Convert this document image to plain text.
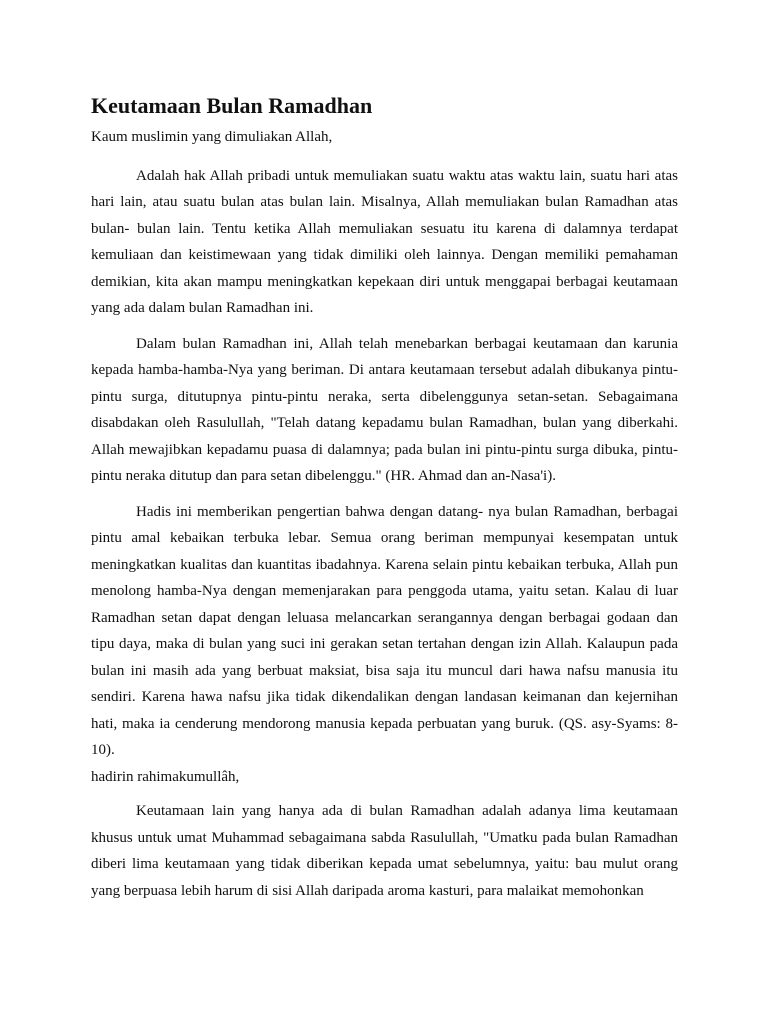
Keutamaan Bulan Ramadhan

Kaum muslimin yang dimuliakan Allah,

Adalah hak Allah pribadi untuk memuliakan suatu waktu atas waktu lain, suatu hari atas hari lain, atau suatu bulan atas bulan lain. Misalnya, Allah memuliakan bulan Ramadhan atas bulan- bulan lain. Tentu ketika Allah memuliakan sesuatu itu karena di dalamnya terdapat kemuliaan dan keistimewaan yang tidak dimiliki oleh lainnya. Dengan memiliki pemahaman demikian, kita akan mampu meningkatkan kepekaan diri untuk menggapai berbagai keutamaan yang ada dalam bulan Ramadhan ini.

Dalam bulan Ramadhan ini, Allah telah menebarkan berbagai keutamaan dan karunia kepada hamba-hamba-Nya yang beriman. Di antara keutamaan tersebut adalah dibukanya pintu-pintu surga, ditutupnya pintu-pintu neraka, serta dibelenggunya setan-setan. Sebagaimana disabdakan oleh Rasulullah, "Telah datang kepadamu bulan Ramadhan, bulan yang diberkahi. Allah mewajibkan kepadamu puasa di dalamnya; pada bulan ini pintu-pintu surga dibuka, pintu-pintu neraka ditutup dan para setan dibelenggu." (HR. Ahmad dan an-Nasa'i).

Hadis ini memberikan pengertian bahwa dengan datang- nya bulan Ramadhan, berbagai pintu amal kebaikan terbuka lebar. Semua orang beriman mempunyai kesempatan untuk meningkatkan kualitas dan kuantitas ibadahnya. Karena selain pintu kebaikan terbuka, Allah pun menolong hamba-Nya dengan memenjarakan para penggoda utama, yaitu setan. Kalau di luar Ramadhan setan dapat dengan leluasa melancarkan serangannya dengan berbagai godaan dan tipu daya, maka di bulan yang suci ini gerakan setan tertahan dengan izin Allah. Kalaupun pada bulan ini masih ada yang berbuat maksiat, bisa saja itu muncul dari hawa nafsu manusia itu sendiri. Karena hawa nafsu jika tidak dikendalikan dengan landasan keimanan dan kejernihan hati, maka ia cenderung mendorong manusia kepada perbuatan yang buruk. (QS. asy-Syams: 8-10).

hadirin rahimakumullâh,

Keutamaan lain yang hanya ada di bulan Ramadhan adalah adanya lima keutamaan khusus untuk umat Muhammad sebagaimana sabda Rasulullah, "Umatku pada bulan Ramadhan diberi lima keutamaan yang tidak diberikan kepada umat sebelumnya, yaitu: bau mulut orang yang berpuasa lebih harum di sisi Allah daripada aroma kasturi, para malaikat memohonkan
